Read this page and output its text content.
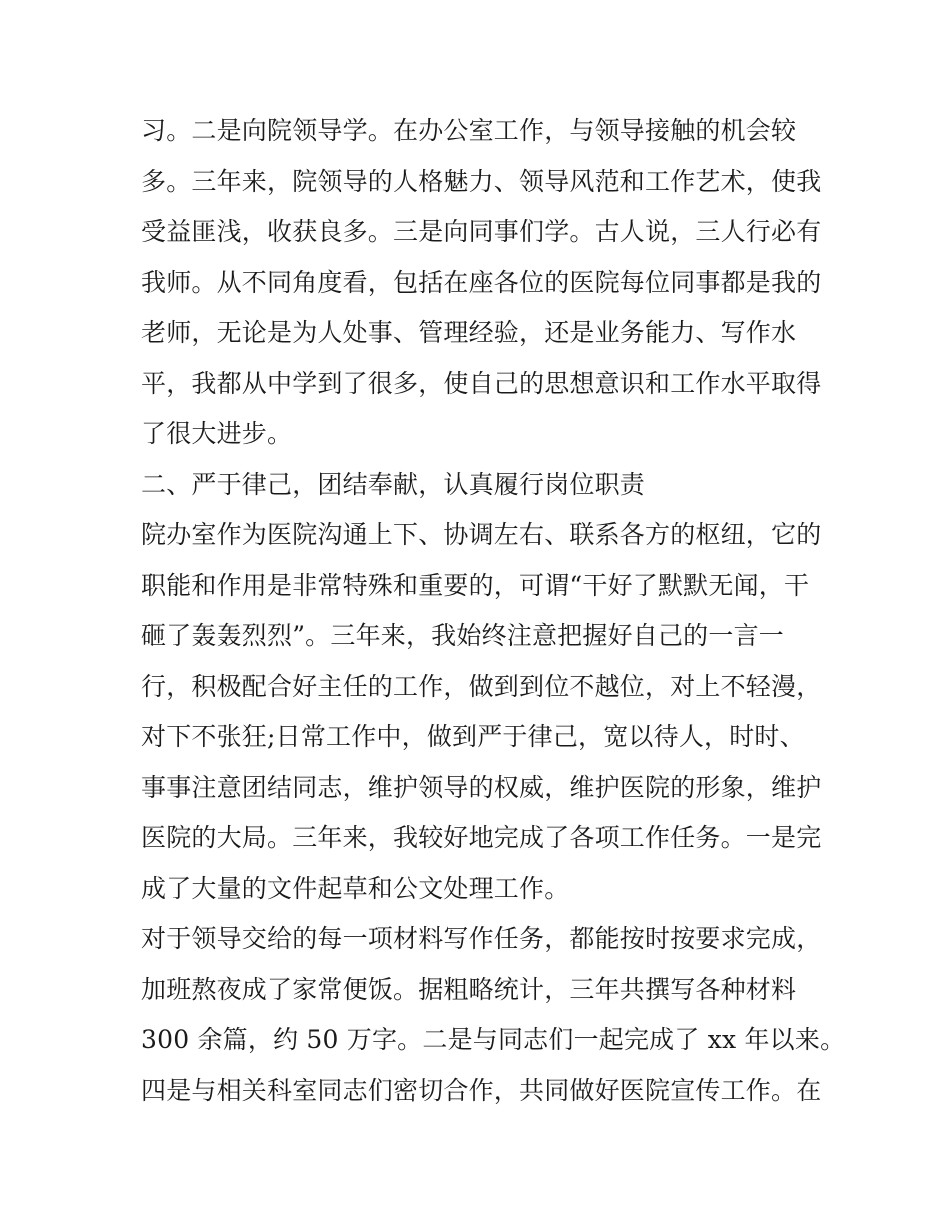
习。二是向院领导学。在办公室工作，与领导接触的机会较
多。三年来，院领导的人格魅力、领导风范和工作艺术，使我
受益匪浅，收获良多。三是向同事们学。古人说，三人行必有
我师。从不同角度看，包括在座各位的医院每位同事都是我的
老师，无论是为人处事、管理经验，还是业务能力、写作水
平，我都从中学到了很多，使自己的思想意识和工作水平取得
了很大进步。
二、严于律己，团结奉献，认真履行岗位职责
院办室作为医院沟通上下、协调左右、联系各方的枢纽，它的
职能和作用是非常特殊和重要的，可谓“干好了默默无闻，干
砸了轰轰烈烈”。三年来，我始终注意把握好自己的一言一
行，积极配合好主任的工作，做到到位不越位，对上不轻漫，
对下不张狂;日常工作中，做到严于律己，宽以待人，时时、
事事注意团结同志，维护领导的权威，维护医院的形象，维护
医院的大局。三年来，我较好地完成了各项工作任务。一是完
成了大量的文件起草和公文处理工作。
对于领导交给的每一项材料写作任务，都能按时按要求完成，
加班熬夜成了家常便饭。据粗略统计，三年共撰写各种材料
300 余篇，约 50 万字。二是与同志们一起完成了 xx 年以来。
四是与相关科室同志们密切合作，共同做好医院宣传工作。在
